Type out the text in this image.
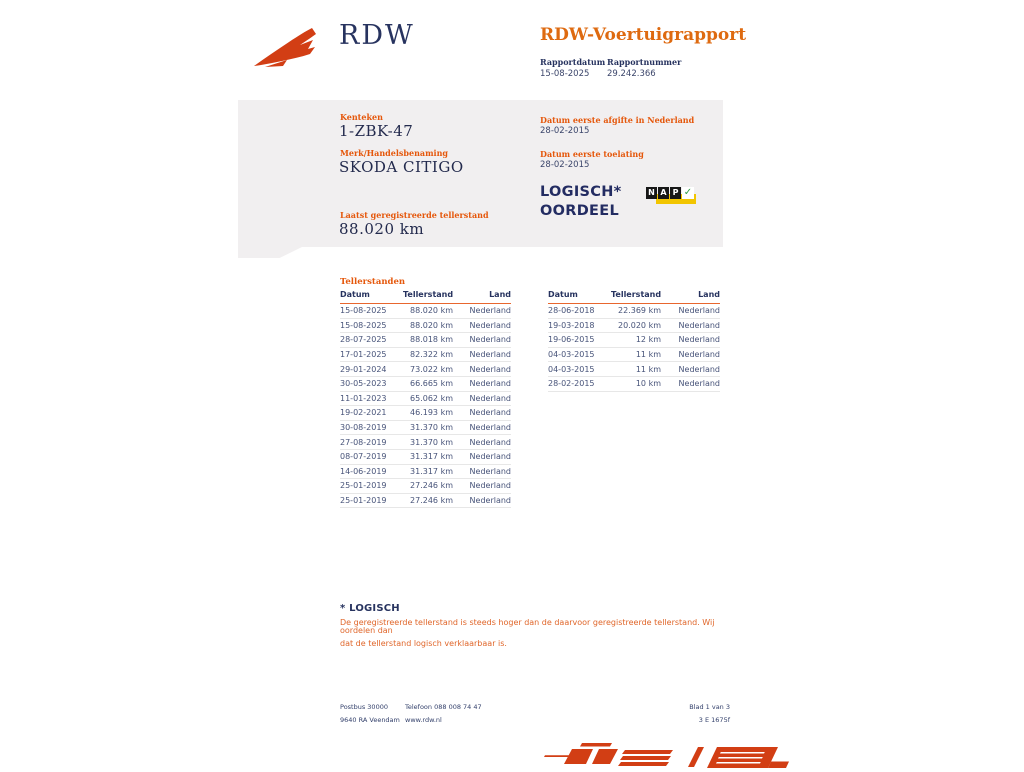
RDW	RDW-Voertuigrapport
Rapportdatum Rapportnummer
15-08-2025 29.242.366
Kenteken
1-ZBK-47
Merk/Handelsbenaming
SKODA CITIGO
Laatst geregistreerde tellerstand
88.020 km
Datum eerste afgifte in Nederland
28-02-2015
Datum eerste toelating
28-02-2015
LOGISCH*
OORDEEL
N A P ✓
Tellerstanden
Datum	Tellerstand	Land
15-08-2025	88.020 km	Nederland
15-08-2025	88.020 km	Nederland
28-07-2025	88.018 km	Nederland
17-01-2025	82.322 km	Nederland
29-01-2024	73.022 km	Nederland
30-05-2023	66.665 km	Nederland
11-01-2023	65.062 km	Nederland
19-02-2021	46.193 km	Nederland
30-08-2019	31.370 km	Nederland
27-08-2019	31.370 km	Nederland
08-07-2019	31.317 km	Nederland
14-06-2019	31.317 km	Nederland
25-01-2019	27.246 km	Nederland
25-01-2019	27.246 km	Nederland
Datum	Tellerstand	Land
28-06-2018	22.369 km	Nederland
19-03-2018	20.020 km	Nederland
19-06-2015	12 km	Nederland
04-03-2015	11 km	Nederland
04-03-2015	11 km	Nederland
28-02-2015	10 km	Nederland
* LOGISCH
De geregistreerde tellerstand is steeds hoger dan de daarvoor geregistreerde tellerstand. Wij oordelen dan
dat de tellerstand logisch verklaarbaar is.
Postbus 30000
9640 RA Veendam
Telefoon 088 008 74 47
www.rdw.nl
Blad 1 van 3
3 E 1675f
